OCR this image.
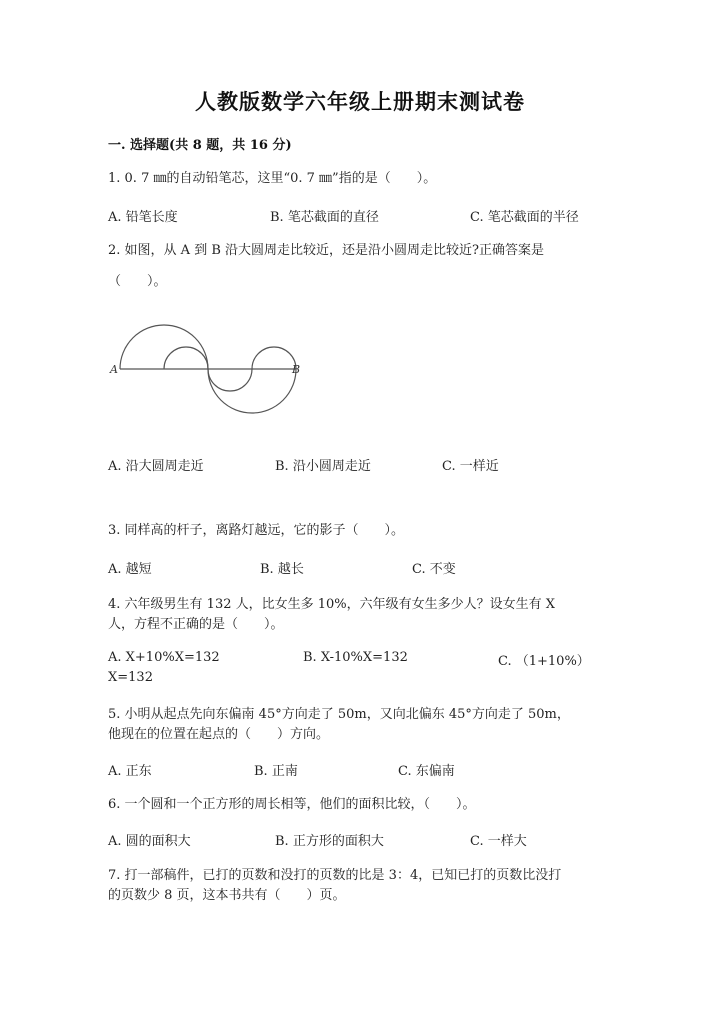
人教版数学六年级上册期末测试卷
一. 选择题(共 8 题，共 16 分)
1. 0. 7 ㎜的自动铅笔芯，这里“0. 7 ㎜”指的是（　　）。
A. 铅笔长度	B. 笔芯截面的直径	C. 笔芯截面的半径
2. 如图，从 A 到 B 沿大圆周走比较近，还是沿小圆周走比较近?正确答案是
（　　）。
A	B
A. 沿大圆周走近	B. 沿小圆周走近	C. 一样近
3. 同样高的杆子，离路灯越远，它的影子（　　）。
A. 越短	B. 越长	C. 不变
4. 六年级男生有 132 人，比女生多 10%，六年级有女生多少人？设女生有 X
人，方程不正确的是（　　）。
A. X+10%X=132	B. X-10%X=132	C. （1+10%）
X=132
5. 小明从起点先向东偏南 45°方向走了 50m，又向北偏东 45°方向走了 50m，
他现在的位置在起点的（　　）方向。
A. 正东	B. 正南	C. 东偏南
6. 一个圆和一个正方形的周长相等，他们的面积比较，（　　）。
A. 圆的面积大	B. 正方形的面积大	C. 一样大
7. 打一部稿件，已打的页数和没打的页数的比是 3：4，已知已打的页数比没打
的页数少 8 页，这本书共有（　　）页。
